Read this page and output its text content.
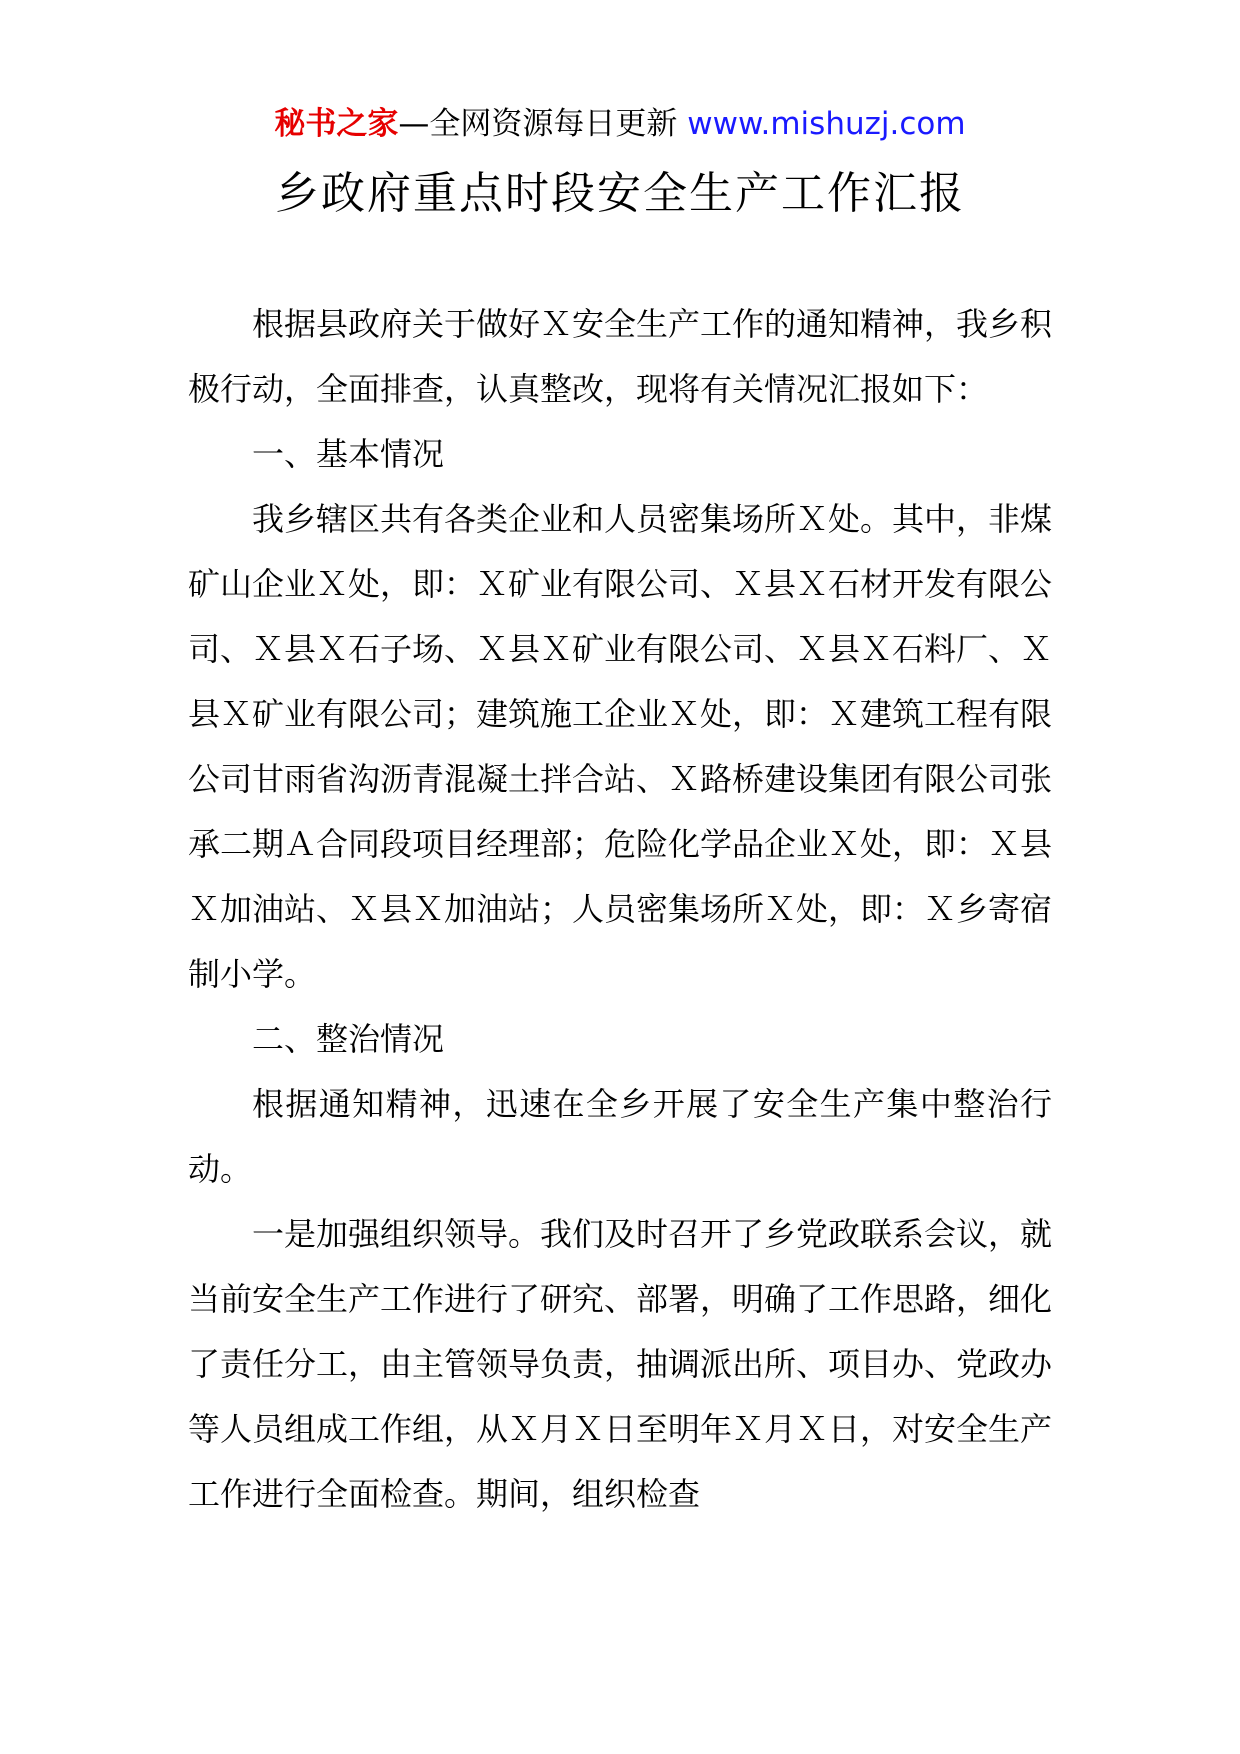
秘书之家—全网资源每日更新 www.mishuzj.com
乡政府重点时段安全生产工作汇报

根据县政府关于做好Ｘ安全生产工作的通知精神，我乡积极行动，全面排查，认真整改，现将有关情况汇报如下：

一、基本情况

我乡辖区共有各类企业和人员密集场所Ｘ处。其中，非煤矿山企业Ｘ处，即：Ｘ矿业有限公司、Ｘ县Ｘ石材开发有限公司、Ｘ县Ｘ石子场、Ｘ县Ｘ矿业有限公司、Ｘ县Ｘ石料厂、Ｘ县Ｘ矿业有限公司；建筑施工企业Ｘ处，即：Ｘ建筑工程有限公司甘雨省沟沥青混凝土拌合站、Ｘ路桥建设集团有限公司张承二期Ａ合同段项目经理部；危险化学品企业Ｘ处，即：Ｘ县Ｘ加油站、Ｘ县Ｘ加油站；人员密集场所Ｘ处，即：Ｘ乡寄宿制小学。

二、整治情况

根据通知精神，迅速在全乡开展了安全生产集中整治行动。

一是加强组织领导。我们及时召开了乡党政联系会议，就当前安全生产工作进行了研究、部署，明确了工作思路，细化了责任分工，由主管领导负责，抽调派出所、项目办、党政办等人员组成工作组，从Ｘ月Ｘ日至明年Ｘ月Ｘ日，对安全生产工作进行全面检查。期间，组织检查
